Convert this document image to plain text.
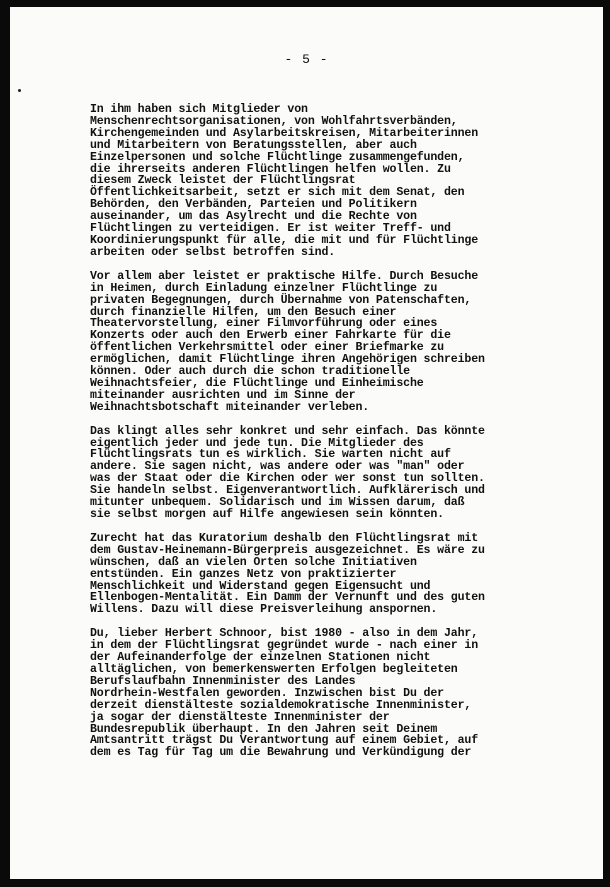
- 5 -
In ihm haben sich Mitglieder von
Menschenrechtsorganisationen, von Wohlfahrtsverbänden,
Kirchengemeinden und Asylarbeitskreisen, Mitarbeiterinnen
und Mitarbeitern von Beratungsstellen, aber auch
Einzelpersonen und solche Flüchtlinge zusammengefunden,
die ihrerseits anderen Flüchtlingen helfen wollen. Zu
diesem Zweck leistet der Flüchtlingsrat
Öffentlichkeitsarbeit, setzt er sich mit dem Senat, den
Behörden, den Verbänden, Parteien und Politikern
auseinander, um das Asylrecht und die Rechte von
Flüchtlingen zu verteidigen. Er ist weiter Treff- und
Koordinierungspunkt für alle, die mit und für Flüchtlinge
arbeiten oder selbst betroffen sind.
Vor allem aber leistet er praktische Hilfe. Durch Besuche
in Heimen, durch Einladung einzelner Flüchtlinge zu
privaten Begegnungen, durch Übernahme von Patenschaften,
durch finanzielle Hilfen, um den Besuch einer
Theatervorstellung, einer Filmvorführung oder eines
Konzerts oder auch den Erwerb einer Fahrkarte für die
öffentlichen Verkehrsmittel oder einer Briefmarke zu
ermöglichen, damit Flüchtlinge ihren Angehörigen schreiben
können. Oder auch durch die schon traditionelle
Weihnachtsfeier, die Flüchtlinge und Einheimische
miteinander ausrichten und im Sinne der
Weihnachtsbotschaft miteinander verleben.
Das klingt alles sehr konkret und sehr einfach. Das könnte
eigentlich jeder und jede tun. Die Mitglieder des
Flüchtlingsrats tun es wirklich. Sie warten nicht auf
andere. Sie sagen nicht, was andere oder was "man" oder
was der Staat oder die Kirchen oder wer sonst tun sollten.
Sie handeln selbst. Eigenverantwortlich. Aufklärerisch und
mitunter unbequem. Solidarisch und im Wissen darum, daß
sie selbst morgen auf Hilfe angewiesen sein könnten.
Zurecht hat das Kuratorium deshalb den Flüchtlingsrat mit
dem Gustav-Heinemann-Bürgerpreis ausgezeichnet. Es wäre zu
wünschen, daß an vielen Orten solche Initiativen
entstünden. Ein ganzes Netz von praktizierter
Menschlichkeit und Widerstand gegen Eigensucht und
Ellenbogen-Mentalität. Ein Damm der Vernunft und des guten
Willens. Dazu will diese Preisverleihung anspornen.
Du, lieber Herbert Schnoor, bist 1980 - also in dem Jahr,
in dem der Flüchtlingsrat gegründet wurde - nach einer in
der Aufeinanderfolge der einzelnen Stationen nicht
alltäglichen, von bemerkenswerten Erfolgen begleiteten
Berufslaufbahn Innenminister des Landes
Nordrhein-Westfalen geworden. Inzwischen bist Du der
derzeit dienstälteste sozialdemokratische Innenminister,
ja sogar der dienstälteste Innenminister der
Bundesrepublik überhaupt. In den Jahren seit Deinem
Amtsantritt trägst Du Verantwortung auf einem Gebiet, auf
dem es Tag für Tag um die Bewahrung und Verkündigung der
